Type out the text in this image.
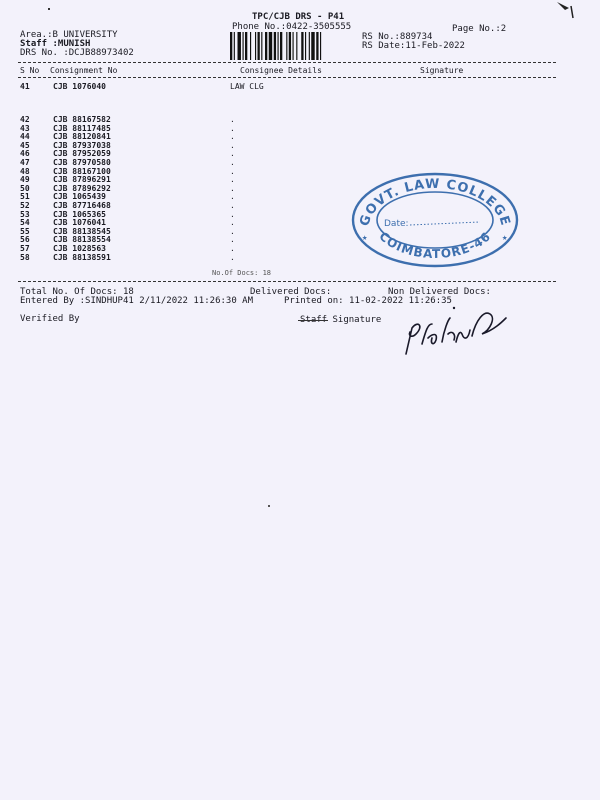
TPC/CJB DRS - P41
Phone No.:0422-3505555	Page No.:2
Area.:B UNIVERSITY
Staff :MUNISH
DRS No. :DCJB88973402
RS No.:889734
RS Date:11-Feb-2022
S No Consignment No	Consignee Details	Signature
41	CJB 1076040	LAW CLG
42	CJB 88167582	.
43	CJB 88117485	.
44	CJB 88120841	.
45	CJB 87937038	.
46	CJB 87952059	.
47	CJB 87970580	.
48	CJB 88167100	.
49	CJB 87896291	.
50	CJB 87896292	.
51	CJB 1065439	.
52	CJB 87716468	.
53	CJB 1065365	.
54	CJB 1076041	.
55	CJB 88138545	.
56	CJB 88138554	.
57	CJB 1028563	.
58	CJB 88138591	.
No.Of Docs: 18
GOVT. LAW COLLEGE
COIMBATORE-46
Date:
★	★
Total No. Of Docs: 18	Delivered Docs:	Non Delivered Docs:
Entered By :SINDHUP41 2/11/2022 11:26:30 AM	Printed on: 11-02-2022 11:26:35
Verified By	Staff Signature
